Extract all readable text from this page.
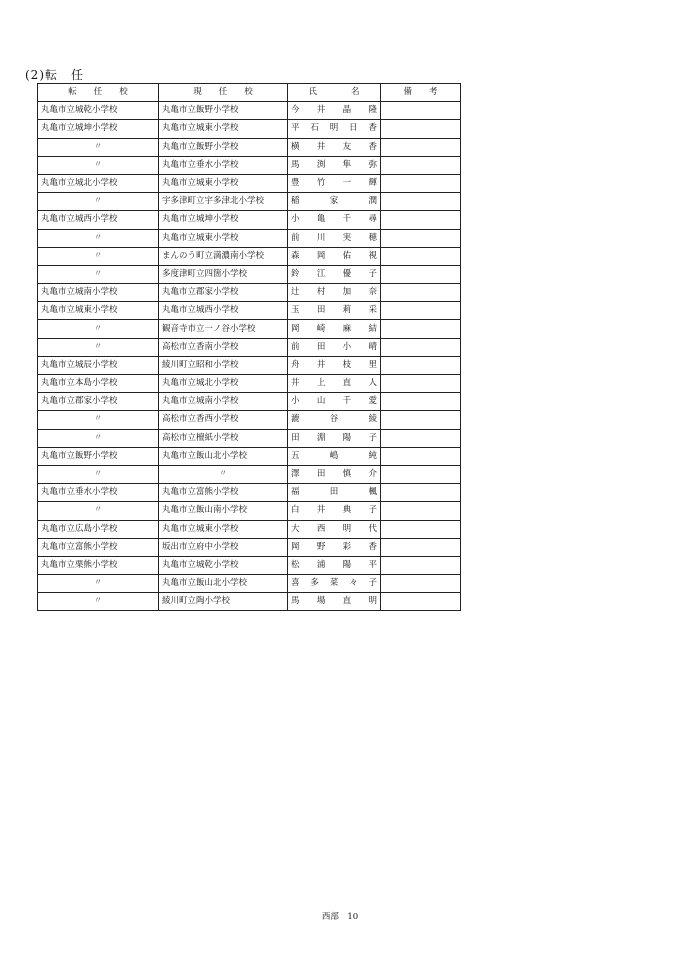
(2)転　任
転　　任　　校	現　　任　　校	氏　　　　名	備　　考
丸亀市立城乾小学校	丸亀市立飯野小学校	今 井 晶 隆	
丸亀市立城坤小学校	丸亀市立城東小学校	平 石 明 日 香	
〃	丸亀市立飯野小学校	横 井 友 香	
〃	丸亀市立垂水小学校	馬 渕 隼 弥	
丸亀市立城北小学校	丸亀市立城東小学校	豊 竹 一 輝	
〃	宇多津町立宇多津北小学校	稲 家 潤	
丸亀市立城西小学校	丸亀市立城坤小学校	小 亀 千 尋	
〃	丸亀市立城東小学校	前 川 実 穂	
〃	まんのう町立満濃南小学校	森 岡 佑 視	
〃	多度津町立四箇小学校	鈴 江 優 子	
丸亀市立城南小学校	丸亀市立郡家小学校	辻 村 加 奈	
丸亀市立城東小学校	丸亀市立城西小学校	玉 田 莉 采	
〃	観音寺市立一ノ谷小学校	岡 崎 麻 結	
〃	高松市立香南小学校	前 田 小 晴	
丸亀市立城辰小学校	綾川町立昭和小学校	舟 井 枝 里	
丸亀市立本島小学校	丸亀市立城北小学校	井 上 直 人	
丸亀市立郡家小学校	丸亀市立城南小学校	小 山 千 愛	
〃	高松市立香西小学校	漉 谷 綾	
〃	高松市立檀紙小学校	田 淵 陽 子	
丸亀市立飯野小学校	丸亀市立飯山北小学校	五 嶋 純	
〃	〃	澤 田 慎 介	
丸亀市立垂水小学校	丸亀市立富熊小学校	福 田 楓	
〃	丸亀市立飯山南小学校	白 井 典 子	
丸亀市立広島小学校	丸亀市立城東小学校	大 西 明 代	
丸亀市立富熊小学校	坂出市立府中小学校	岡 野 彩 香	
丸亀市立栗熊小学校	丸亀市立城乾小学校	松 浦 陽 平	
〃	丸亀市立飯山北小学校	喜 多 菜 々 子	
〃	綾川町立陶小学校	馬 場 直 明	
西部　10
